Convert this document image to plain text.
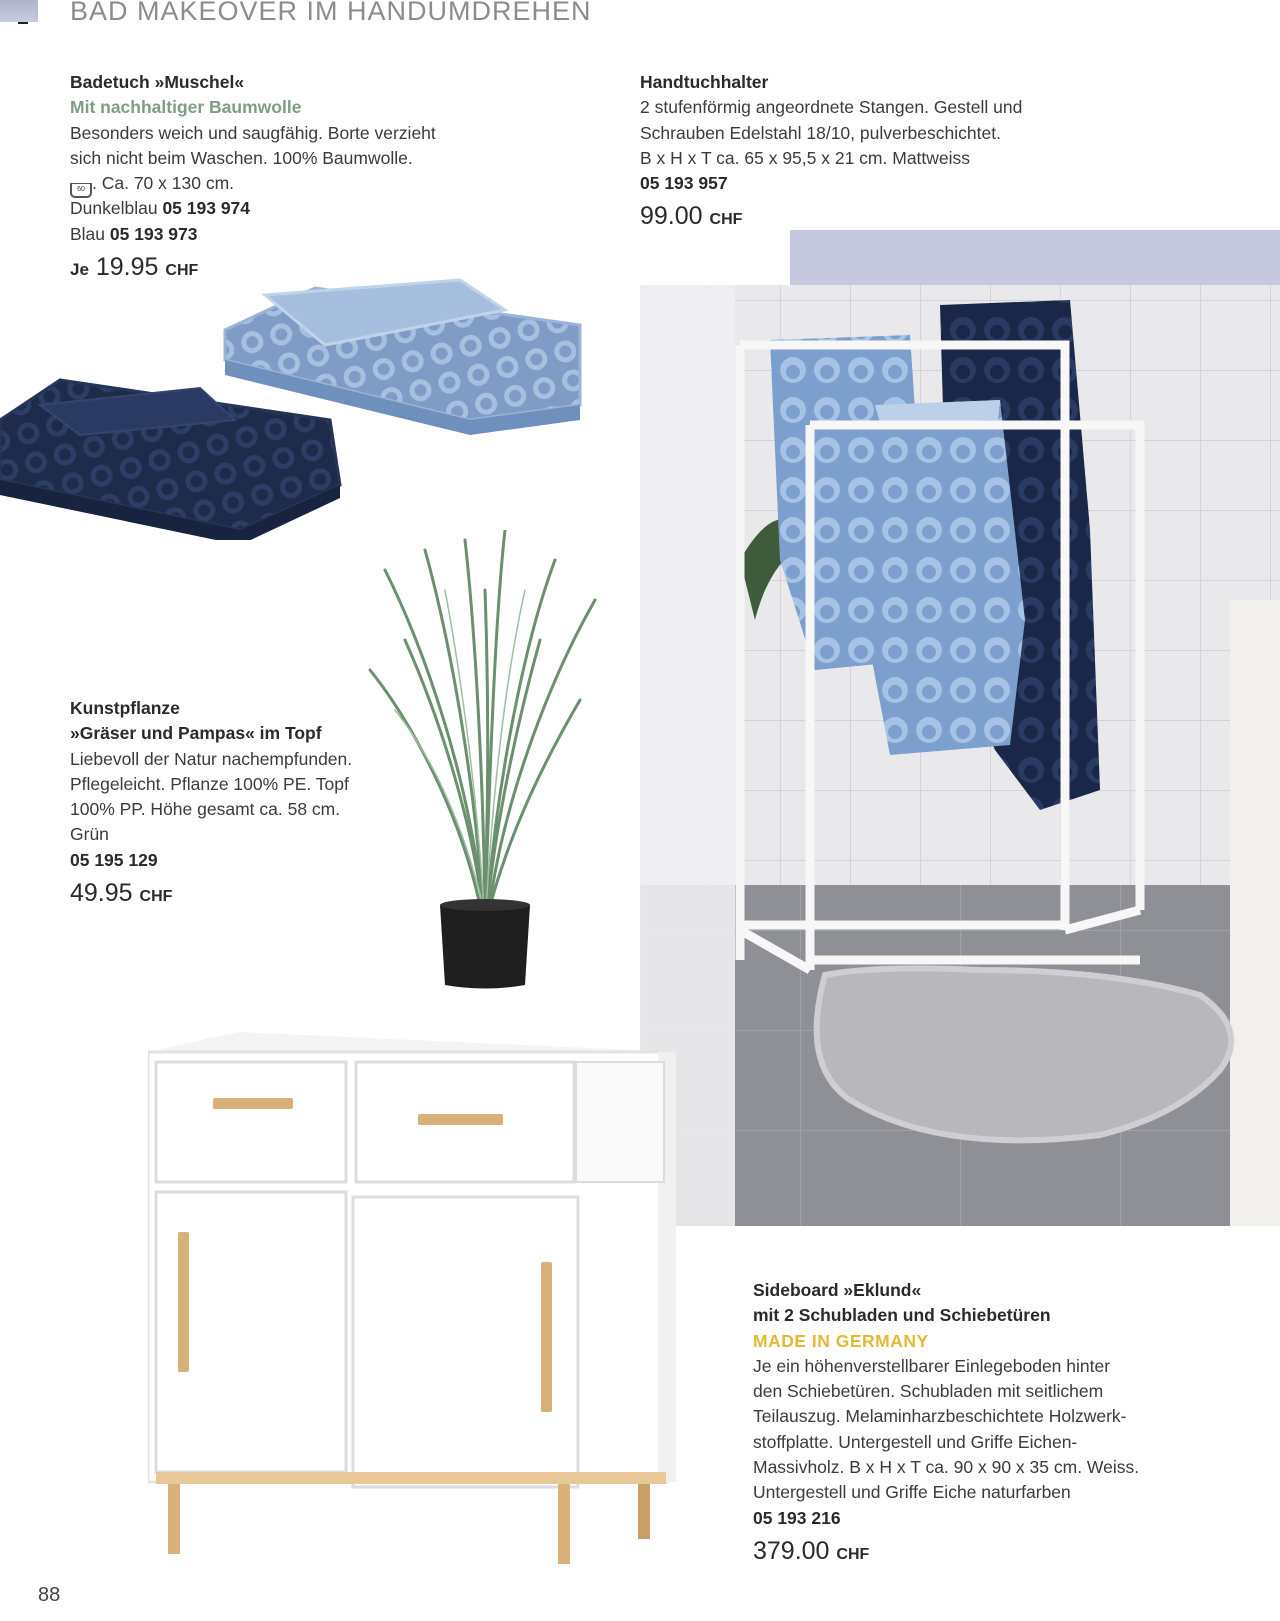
BAD MAKEOVER IM HANDUMDREHEN
Badetuch »Muschel«
Mit nachhaltiger Baumwolle
Besonders weich und saugfähig. Borte verzieht
sich nicht beim Waschen. 100% Baumwolle.
60 . Ca. 70 x 130 cm.
Dunkelblau 05 193 974
Blau 05 193 973
Je 19.95 CHF
Handtuchhalter
2 stufenförmig angeordnete Stangen. Gestell und
Schrauben Edelstahl 18/10, pulverbeschichtet.
B x H x T ca. 65 x 95,5 x 21 cm. Mattweiss
05 193 957
99.00 CHF
Kunstpflanze
»Gräser und Pampas« im Topf
Liebevoll der Natur nachempfunden.
Pflegeleicht. Pflanze 100% PE. Topf
100% PP. Höhe gesamt ca. 58 cm.
Grün
05 195 129
49.95 CHF
Sideboard »Eklund«
mit 2 Schubladen und Schiebetüren
MADE IN GERMANY
Je ein höhenverstellbarer Einlegeboden hinter
den Schiebetüren. Schubladen mit seitlichem
Teilauszug. Melaminharzbeschichtete Holzwerk-
stoffplatte. Untergestell und Griffe Eichen-
Massivholz. B x H x T ca. 90 x 90 x 35 cm. Weiss.
Untergestell und Griffe Eiche naturfarben
05 193 216
379.00 CHF
88
